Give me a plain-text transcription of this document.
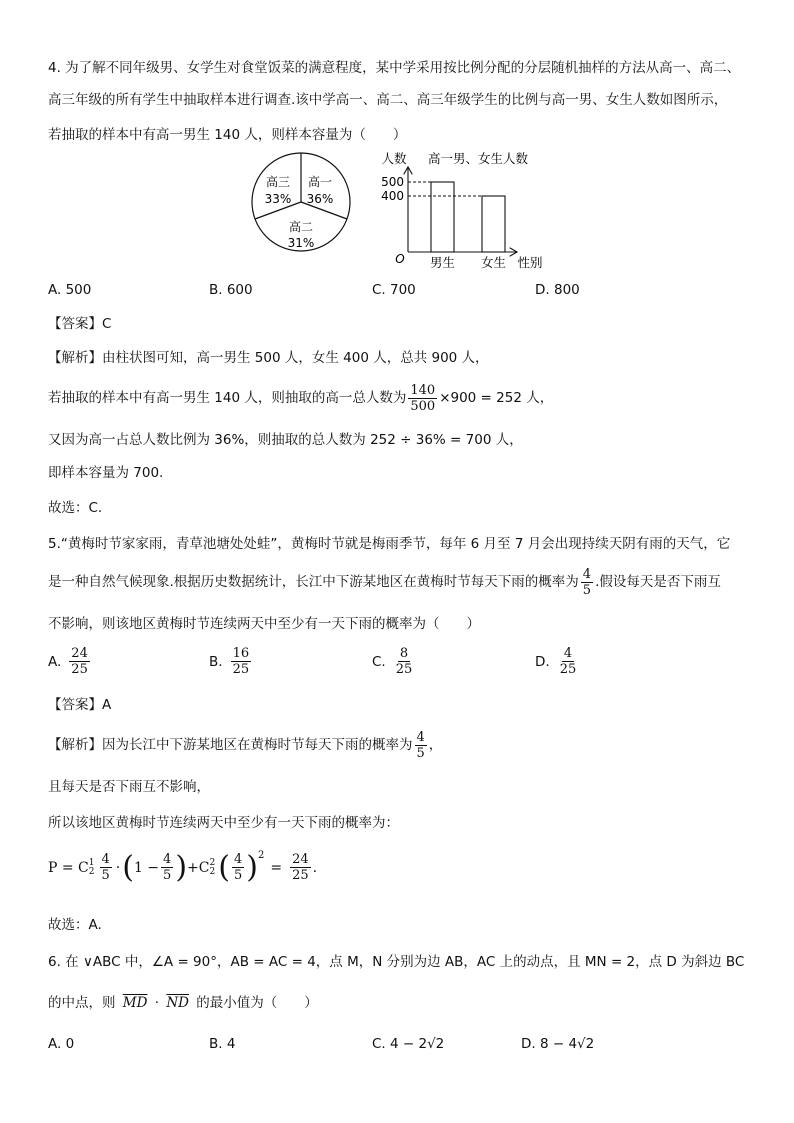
4. 为了解不同年级男、女学生对食堂饭菜的满意程度，某中学采用按比例分配的分层随机抽样的方法从高一、高二、
高三年级的所有学生中抽取样本进行调查.该中学高一、高二、高三年级学生的比例与高一男、女生人数如图所示，
若抽取的样本中有高一男生 140 人，则样本容量为（　　）
高一
36%
高二
31%
高三
33%
人数 高一男、女生人数
O	性别
男生 女生
400
500
A. 500	B. 600	C. 700	D. 800
【答案】C
【解析】由柱状图可知，高一男生 500 人，女生 400 人，总共 900 人，
若抽取的样本中有高一男生 140 人，则抽取的高一总人数为 $\frac{140}{500} \times 900 = 252$ 人，
又因为高一占总人数比例为 36%，则抽取的总人数为 252 ÷ 36% = 700 人，
即样本容量为 700.
故选：C.
5.“黄梅时节家家雨，青草池塘处处蛙”，黄梅时节就是梅雨季节，每年 6 月至 7 月会出现持续天阴有雨的天气，它
是一种自然气候现象.根据历史数据统计，长江中下游某地区在黄梅时节每天下雨的概率为 $\frac{4}{5}$ .假设每天是否下雨互
不影响，则该地区黄梅时节连续两天中至少有一天下雨的概率为（　　）
A. $\frac{24}{25}$	B. $\frac{16}{25}$	C. $\frac{8}{25}$	D. $\frac{4}{25}$
【答案】A
【解析】因为长江中下游某地区在黄梅时节每天下雨的概率为 $\frac{4}{5}$ ，
且每天是否下雨互不影响，
所以该地区黄梅时节连续两天中至少有一天下雨的概率为：
P = C 1
$2 \frac{4}{5}$ · ( $1 - \frac{4}{5}$ ) +C 2
2 ( $\frac{4}{5}$ ) 2
= $\frac{24}{25}$ .
故选：A.
6. 在 ∨ABC 中，∠A = 90°，AB = AC = 4，点 M，N 分别为边 AB，AC 上的动点，且 MN = 2，点 D 为斜边 BC
的中点，则 $\overline{MD} \cdot \overline{ND}$ 的最小值为（　　）
A. 0	B. 4	C. 4 − 2√2	D. 8 − 4√2
